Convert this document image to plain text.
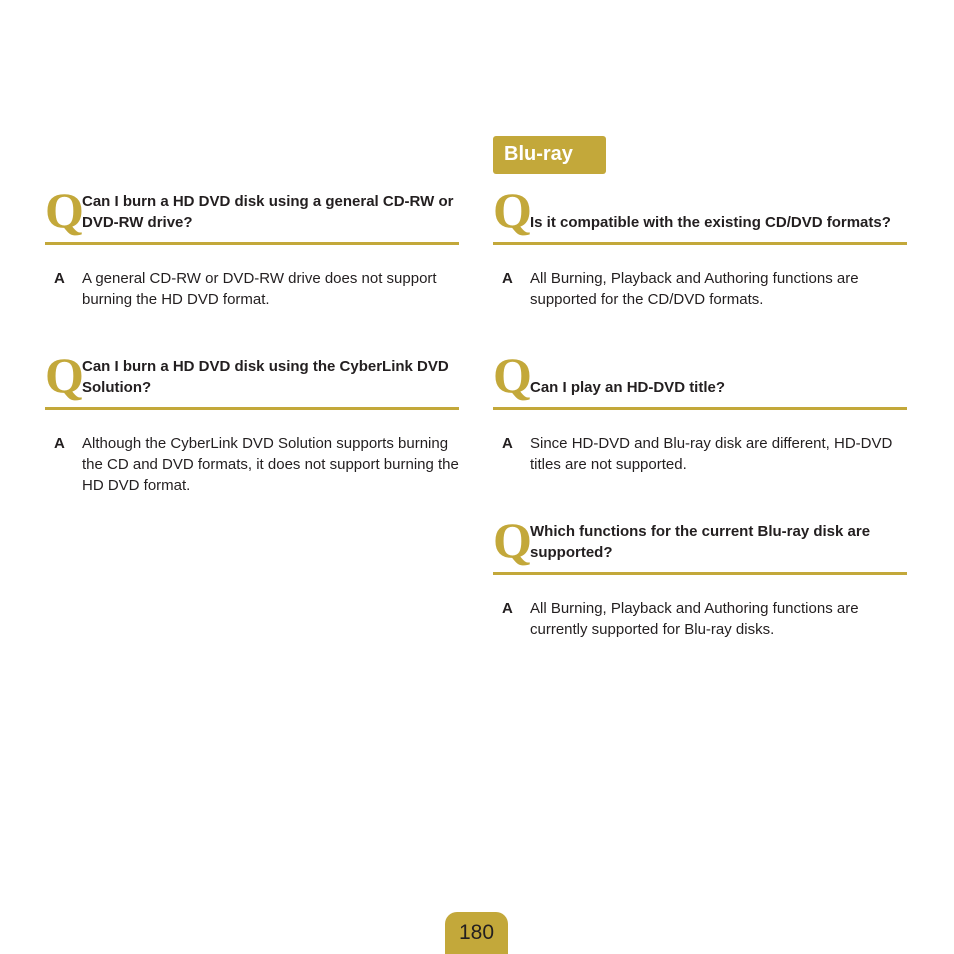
Blu-ray
Q
Can I burn a HD DVD disk using a general CD-RW or DVD-RW drive?
A A general CD-RW or DVD-RW drive does not support burning the HD DVD format.
Q
Can I burn a HD DVD disk using the CyberLink DVD Solution?
A Although the CyberLink DVD Solution supports burning the CD and DVD formats, it does not support burning the HD DVD format.
Q
Is it compatible with the existing CD/DVD formats?
A All Burning, Playback and Authoring functions are supported for the CD/DVD formats.
Q
Can I play an HD-DVD title?
A Since HD-DVD and Blu-ray disk are different, HD-DVD titles are not supported.
Q
Which functions for the current Blu-ray disk are supported?
A All Burning, Playback and Authoring functions are currently supported for Blu-ray disks.
180
